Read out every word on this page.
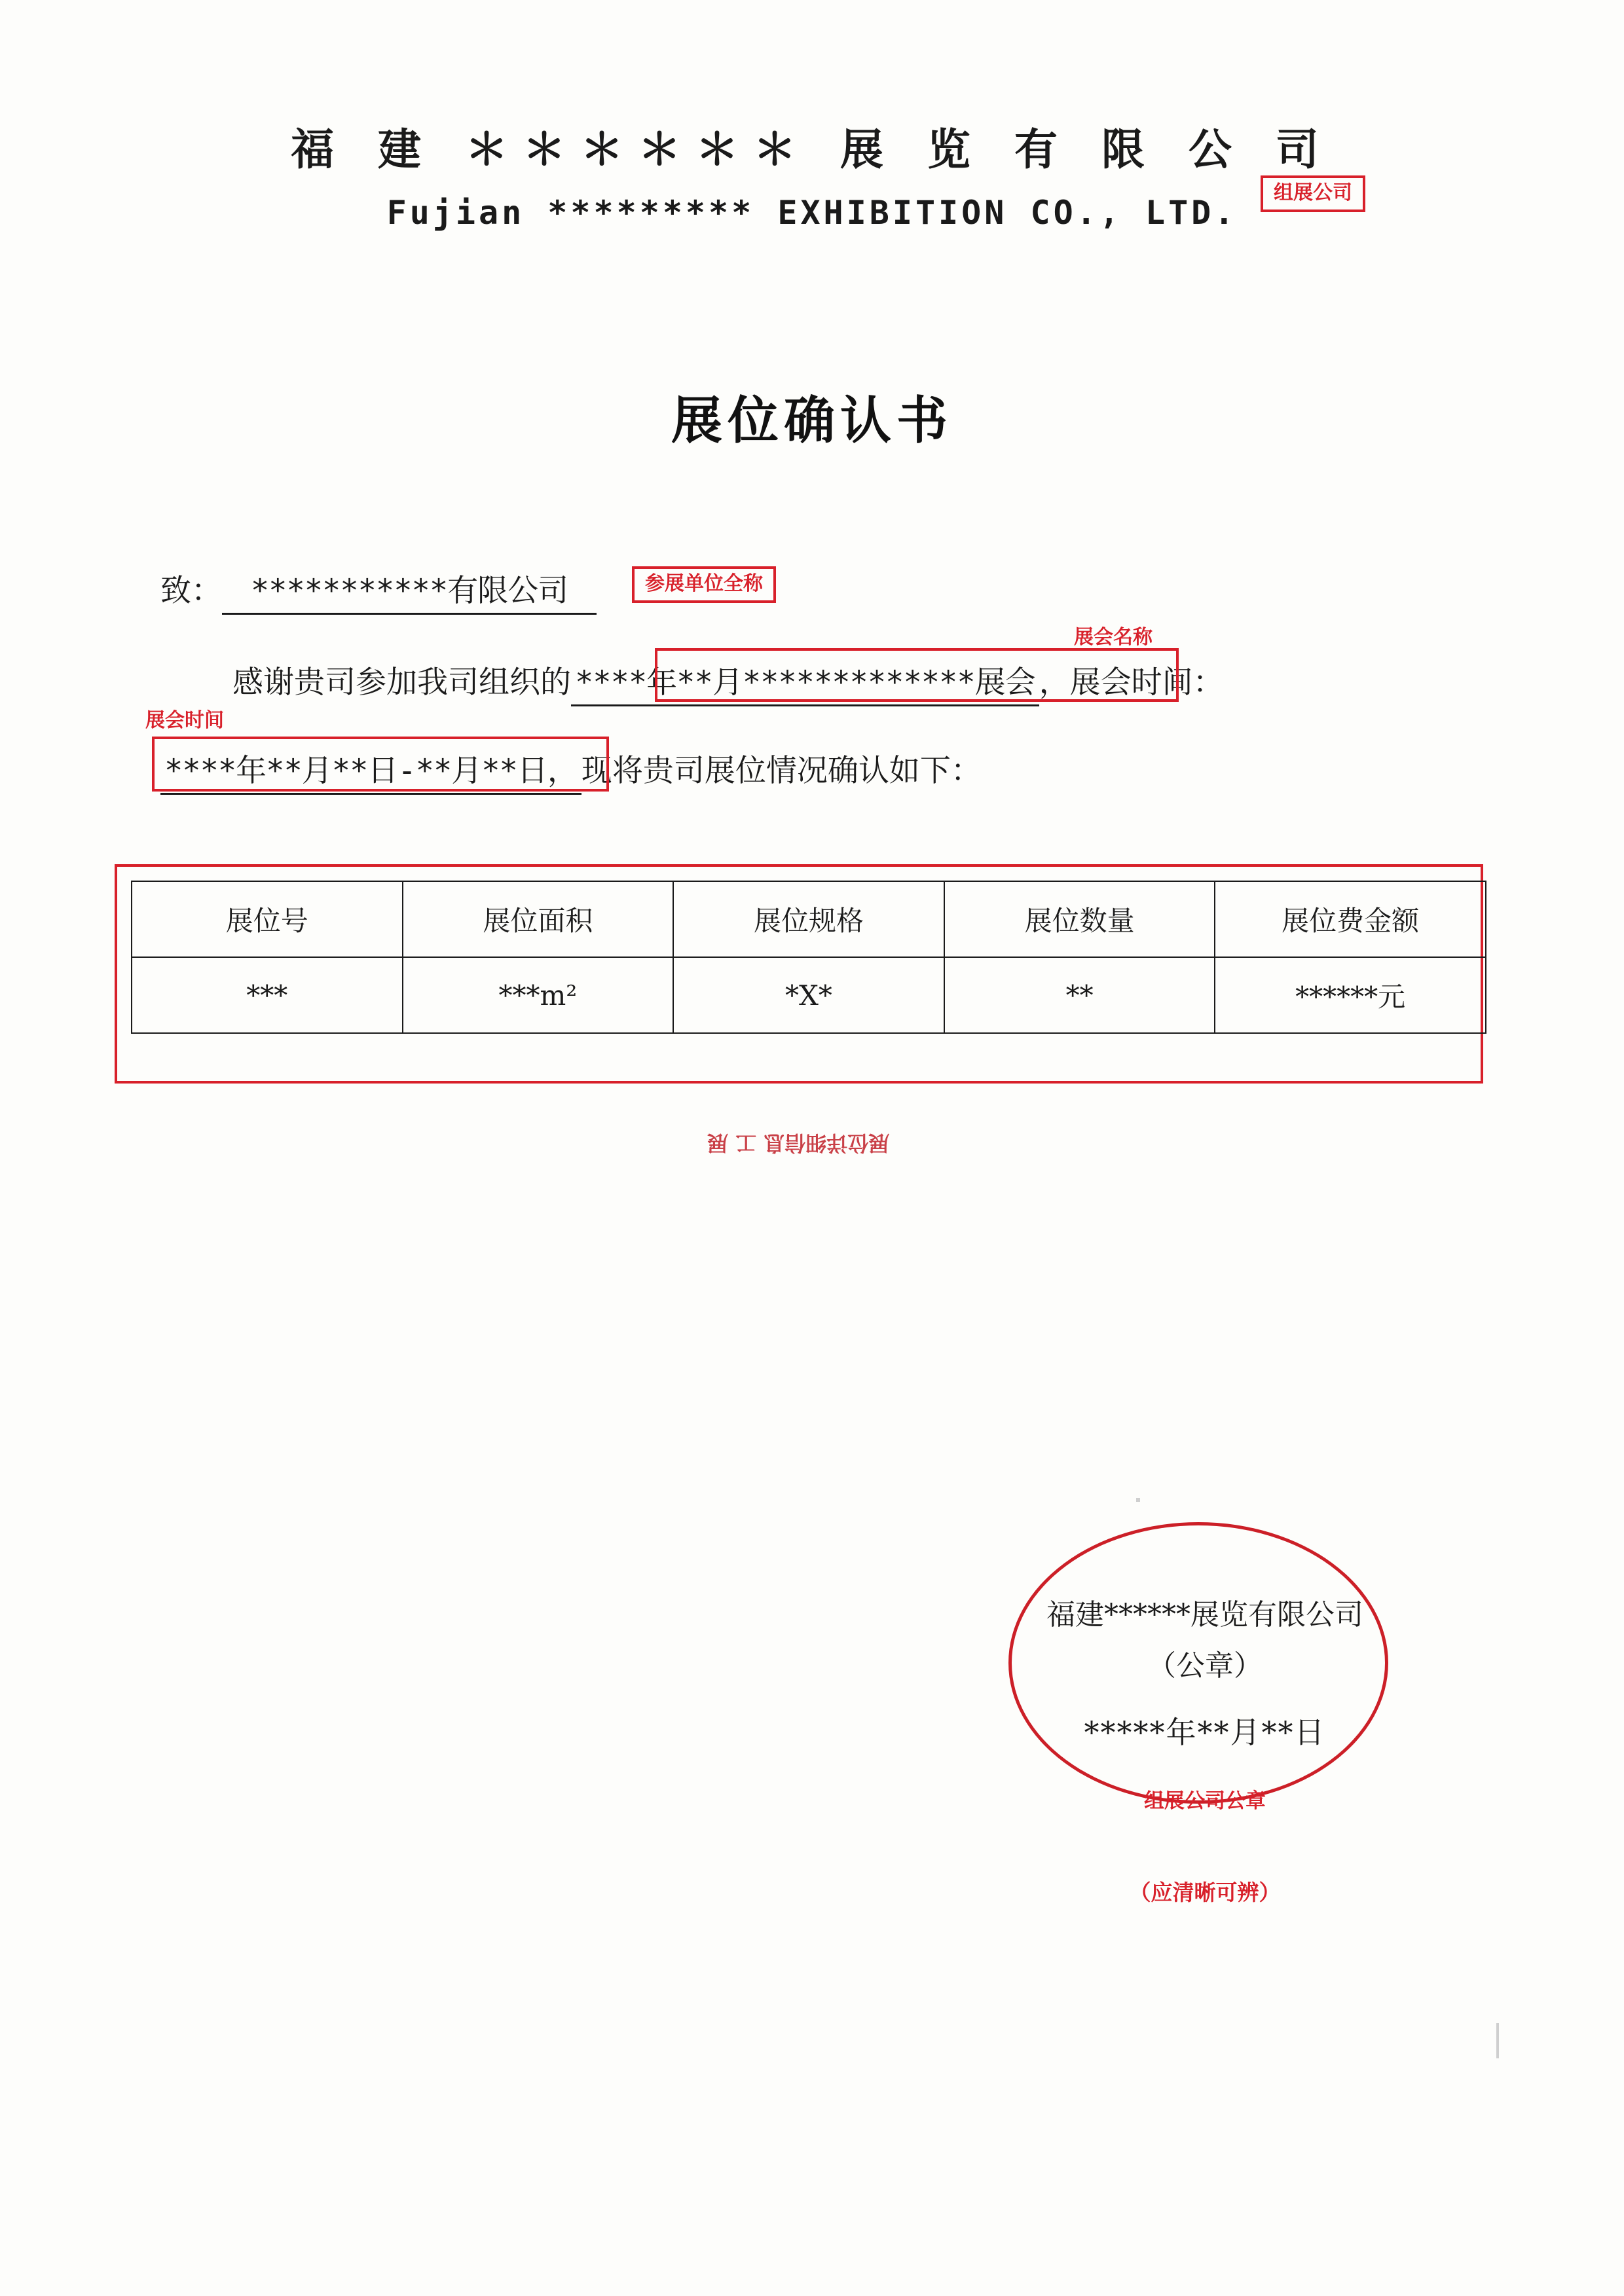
福 建 ＊＊＊＊＊＊ 展 览 有 限 公 司
Fujian ********* EXHIBITION CO., LTD.
组展公司
展位确认书
致： ***********有限公司	参展单位全称
感谢贵司参加我司组织的 ****年**月*************展会 ，展会时间：
展会名称
****年**月**日-**月**日， 现将贵司展位情况确认如下：
展会时间
展位号	展位面积	展位规格	展位数量	展位费金额
***	***m²	*X*	**	******元
展位详细信息 工 展
福建******展览有限公司
（公章）
*****年**月**日
组展公司公章
（应清晰可辨）
